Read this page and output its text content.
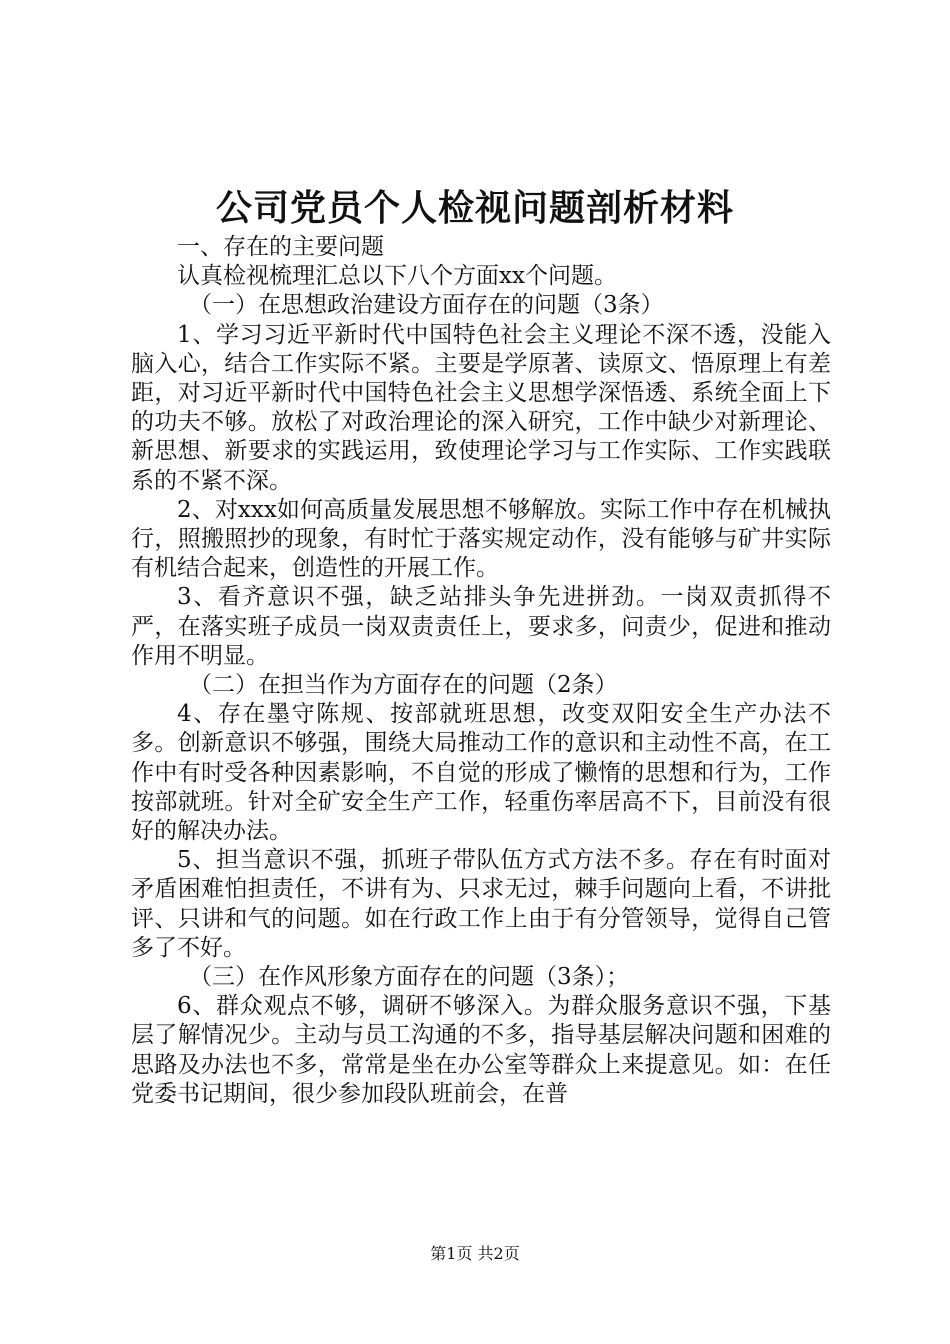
公司党员个人检视问题剖析材料

一、存在的主要问题

认真检视梳理汇总以下八个方面xx个问题。

（一）在思想政治建设方面存在的问题（3条）

1、学习习近平新时代中国特色社会主义理论不深不透，没能入脑入心，结合工作实际不紧。主要是学原著、读原文、悟原理上有差距，对习近平新时代中国特色社会主义思想学深悟透、系统全面上下的功夫不够。放松了对政治理论的深入研究，工作中缺少对新理论、新思想、新要求的实践运用，致使理论学习与工作实际、工作实践联系的不紧不深。

2、对xxx如何高质量发展思想不够解放。实际工作中存在机械执行，照搬照抄的现象，有时忙于落实规定动作，没有能够与矿井实际有机结合起来，创造性的开展工作。

3、看齐意识不强，缺乏站排头争先进拼劲。一岗双责抓得不严，在落实班子成员一岗双责责任上，要求多，问责少，促进和推动作用不明显。

（二）在担当作为方面存在的问题（2条）

4、存在墨守陈规、按部就班思想，改变双阳安全生产办法不多。创新意识不够强，围绕大局推动工作的意识和主动性不高，在工作中有时受各种因素影响，不自觉的形成了懒惰的思想和行为，工作按部就班。针对全矿安全生产工作，轻重伤率居高不下，目前没有很好的解决办法。

5、担当意识不强，抓班子带队伍方式方法不多。存在有时面对矛盾困难怕担责任，不讲有为、只求无过，棘手问题向上看，不讲批评、只讲和气的问题。如在行政工作上由于有分管领导，觉得自己管多了不好。

（三）在作风形象方面存在的问题（3条）；

6、群众观点不够，调研不够深入。为群众服务意识不强，下基层了解情况少。主动与员工沟通的不多，指导基层解决问题和困难的思路及办法也不多，常常是坐在办公室等群众上来提意见。如：在任党委书记期间，很少参加段队班前会，在普

第1页 共2页
